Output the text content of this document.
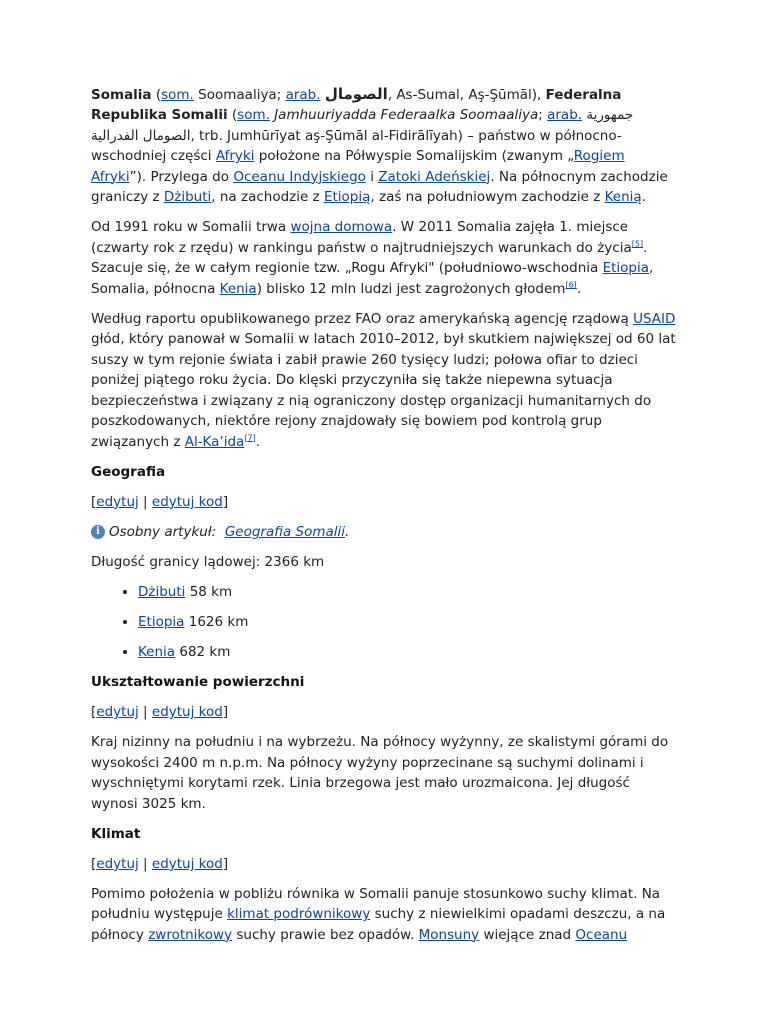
Somalia (som. Soomaaliya; arab. الصومال, As-Sumal, Aş-Şūmāl), Federalna Republika Somalii (som. Jamhuuriyadda Federaalka Soomaaliya; arab. جمهورية الصومال الفدرالية, trb. Jumhūrīyat aş-Şūmāl al-Fidirālīyah) – państwo w północno-wschodniej części Afryki położone na Półwyspie Somalijskim (zwanym „Rogiem Afryki”). Przylega do Oceanu Indyjskiego i Zatoki Adeńskiej. Na północnym zachodzie graniczy z Dżibuti, na zachodzie z Etiopią, zaś na południowym zachodzie z Kenią.

Od 1991 roku w Somalii trwa wojna domowa. W 2011 Somalia zajęła 1. miejsce (czwarty rok z rzędu) w rankingu państw o najtrudniejszych warunkach do życia[5]. Szacuje się, że w całym regionie tzw. „Rogu Afryki" (południowo-wschodnia Etiopia, Somalia, północna Kenia) blisko 12 mln ludzi jest zagrożonych głodem[6].

Według raportu opublikowanego przez FAO oraz amerykańską agencję rządową USAID głód, który panował w Somalii w latach 2010–2012, był skutkiem największej od 60 lat suszy w tym rejonie świata i zabił prawie 260 tysięcy ludzi; połowa ofiar to dzieci poniżej piątego roku życia. Do klęski przyczyniła się także niepewna sytuacja bezpieczeństwa i związany z nią ograniczony dostęp organizacji humanitarnych do poszkodowanych, niektóre rejony znajdowały się bowiem pod kontrolą grup związanych z Al-Ka’ida[7].

Geografia
[edytuj | edytuj kod]
i Osobny artykuł:
Geografia Somalii .

Długość granicy lądowej: 2366 km

• Dżibuti 58 km
• Etiopia 1626 km
• Kenia 682 km
Ukształtowanie powierzchni
[edytuj | edytuj kod]

Kraj nizinny na południu i na wybrzeżu. Na północy wyżynny, ze skalistymi górami do wysokości 2400 m n.p.m. Na północy wyżyny poprzecinane są suchymi dolinami i wyschniętymi korytami rzek. Linia brzegowa jest mało urozmaicona. Jej długość wynosi 3025 km.

Klimat
[edytuj | edytuj kod]

Pomimo położenia w pobliżu równika w Somalii panuje stosunkowo suchy klimat. Na południu występuje klimat podrównikowy suchy z niewielkimi opadami deszczu, a na północy zwrotnikowy suchy prawie bez opadów. Monsuny wiejące znad Oceanu
